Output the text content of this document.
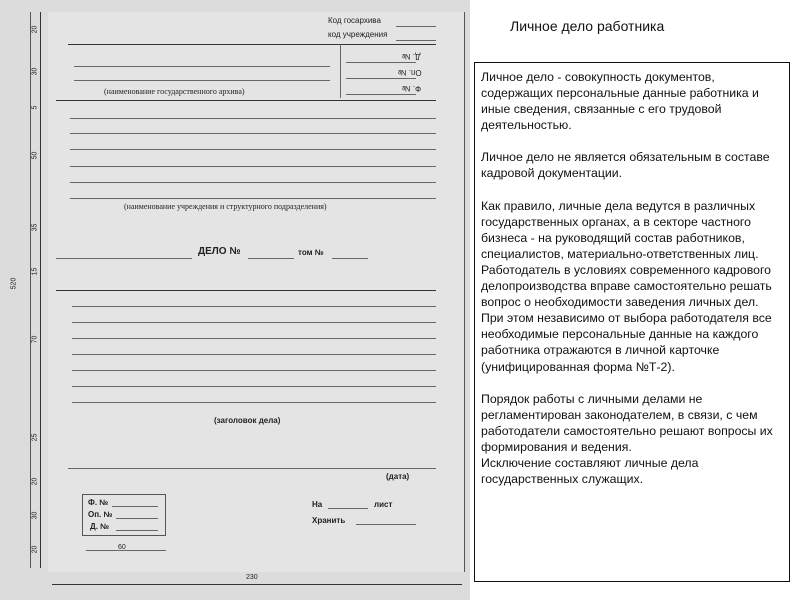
20
30
5
50
35
15
520
70
25
20
30
20
Код госархива
код учреждения
Д. №
Оп. №
Ф. №
(наименование государственного архива)
(наименование учреждения и структурного подразделения)
ДЕЛО №	том №
(заголовок дела)
(дата)
Ф. №
Оп. №
Д. №
На	лист
Хранить
60
230
Личное дело работника

Личное дело - совокупность документов, содержащих персональные данные работника и иные сведения, связанные с его трудовой деятельностью.

Личное дело не является обязательным в составе кадровой документации.

Как правило, личные дела ведутся в различных государственных органах, а в секторе частного бизнеса - на руководящий состав работников, специалистов, материально-ответственных лиц. Работодатель в условиях современного кадрового делопроизводства вправе самостоятельно решать вопрос о необходимости заведения личных дел. При этом независимо от выбора работодателя все необходимые персональные данные на каждого работника отражаются в личной карточке (унифицированная форма №Т-2).

Порядок работы с личными делами не регламентирован законодателем, в связи, с чем работодатели самостоятельно решают вопросы их формирования и ведения.

Исключение составляют личные дела государственных служащих.
